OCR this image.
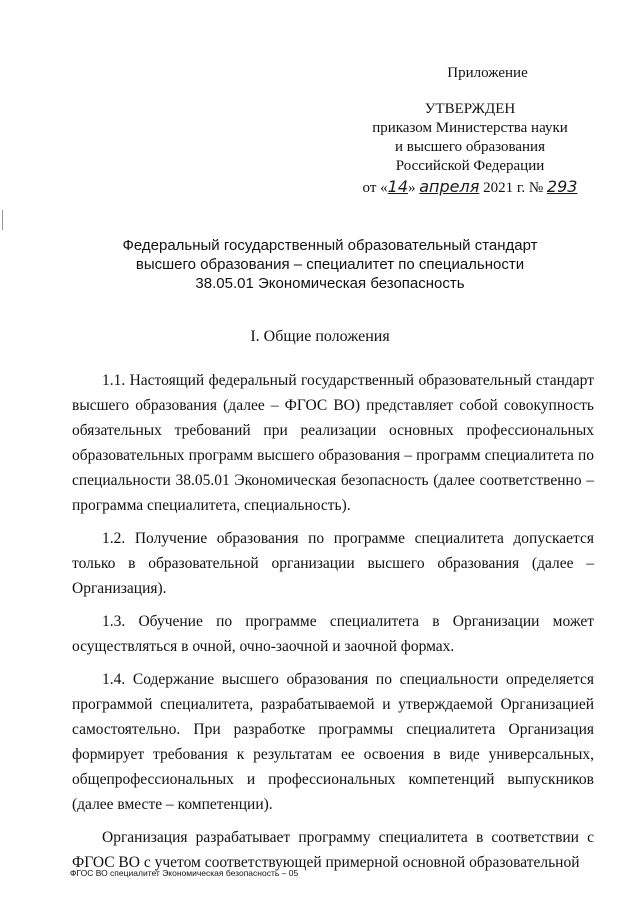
Приложение
УТВЕРЖДЕН
приказом Министерства науки
и высшего образования
Российской Федерации
от «14» апреля 2021 г. № 293
Федеральный государственный образовательный стандарт
высшего образования – специалитет по специальности
38.05.01 Экономическая безопасность
I. Общие положения

1.1. Настоящий федеральный государственный образовательный стандарт высшего образования (далее – ФГОС ВО) представляет собой совокупность обязательных требований при реализации основных профессиональных образовательных программ высшего образования – программ специалитета по специальности 38.05.01 Экономическая безопасность (далее соответственно – программа специалитета, специальность).

1.2. Получение образования по программе специалитета допускается только в образовательной организации высшего образования (далее – Организация).

1.3. Обучение по программе специалитета в Организации может осуществляться в очной, очно-заочной и заочной формах.

1.4. Содержание высшего образования по специальности определяется программой специалитета, разрабатываемой и утверждаемой Организацией самостоятельно. При разработке программы специалитета Организация формирует требования к результатам ее освоения в виде универсальных, общепрофессиональных и профессиональных компетенций выпускников (далее вместе – компетенции).

Организация разрабатывает программу специалитета в соответствии с ФГОС ВО с учетом соответствующей примерной основной образовательной

ФГОС ВО специалитет Экономическая безопасность – 05
